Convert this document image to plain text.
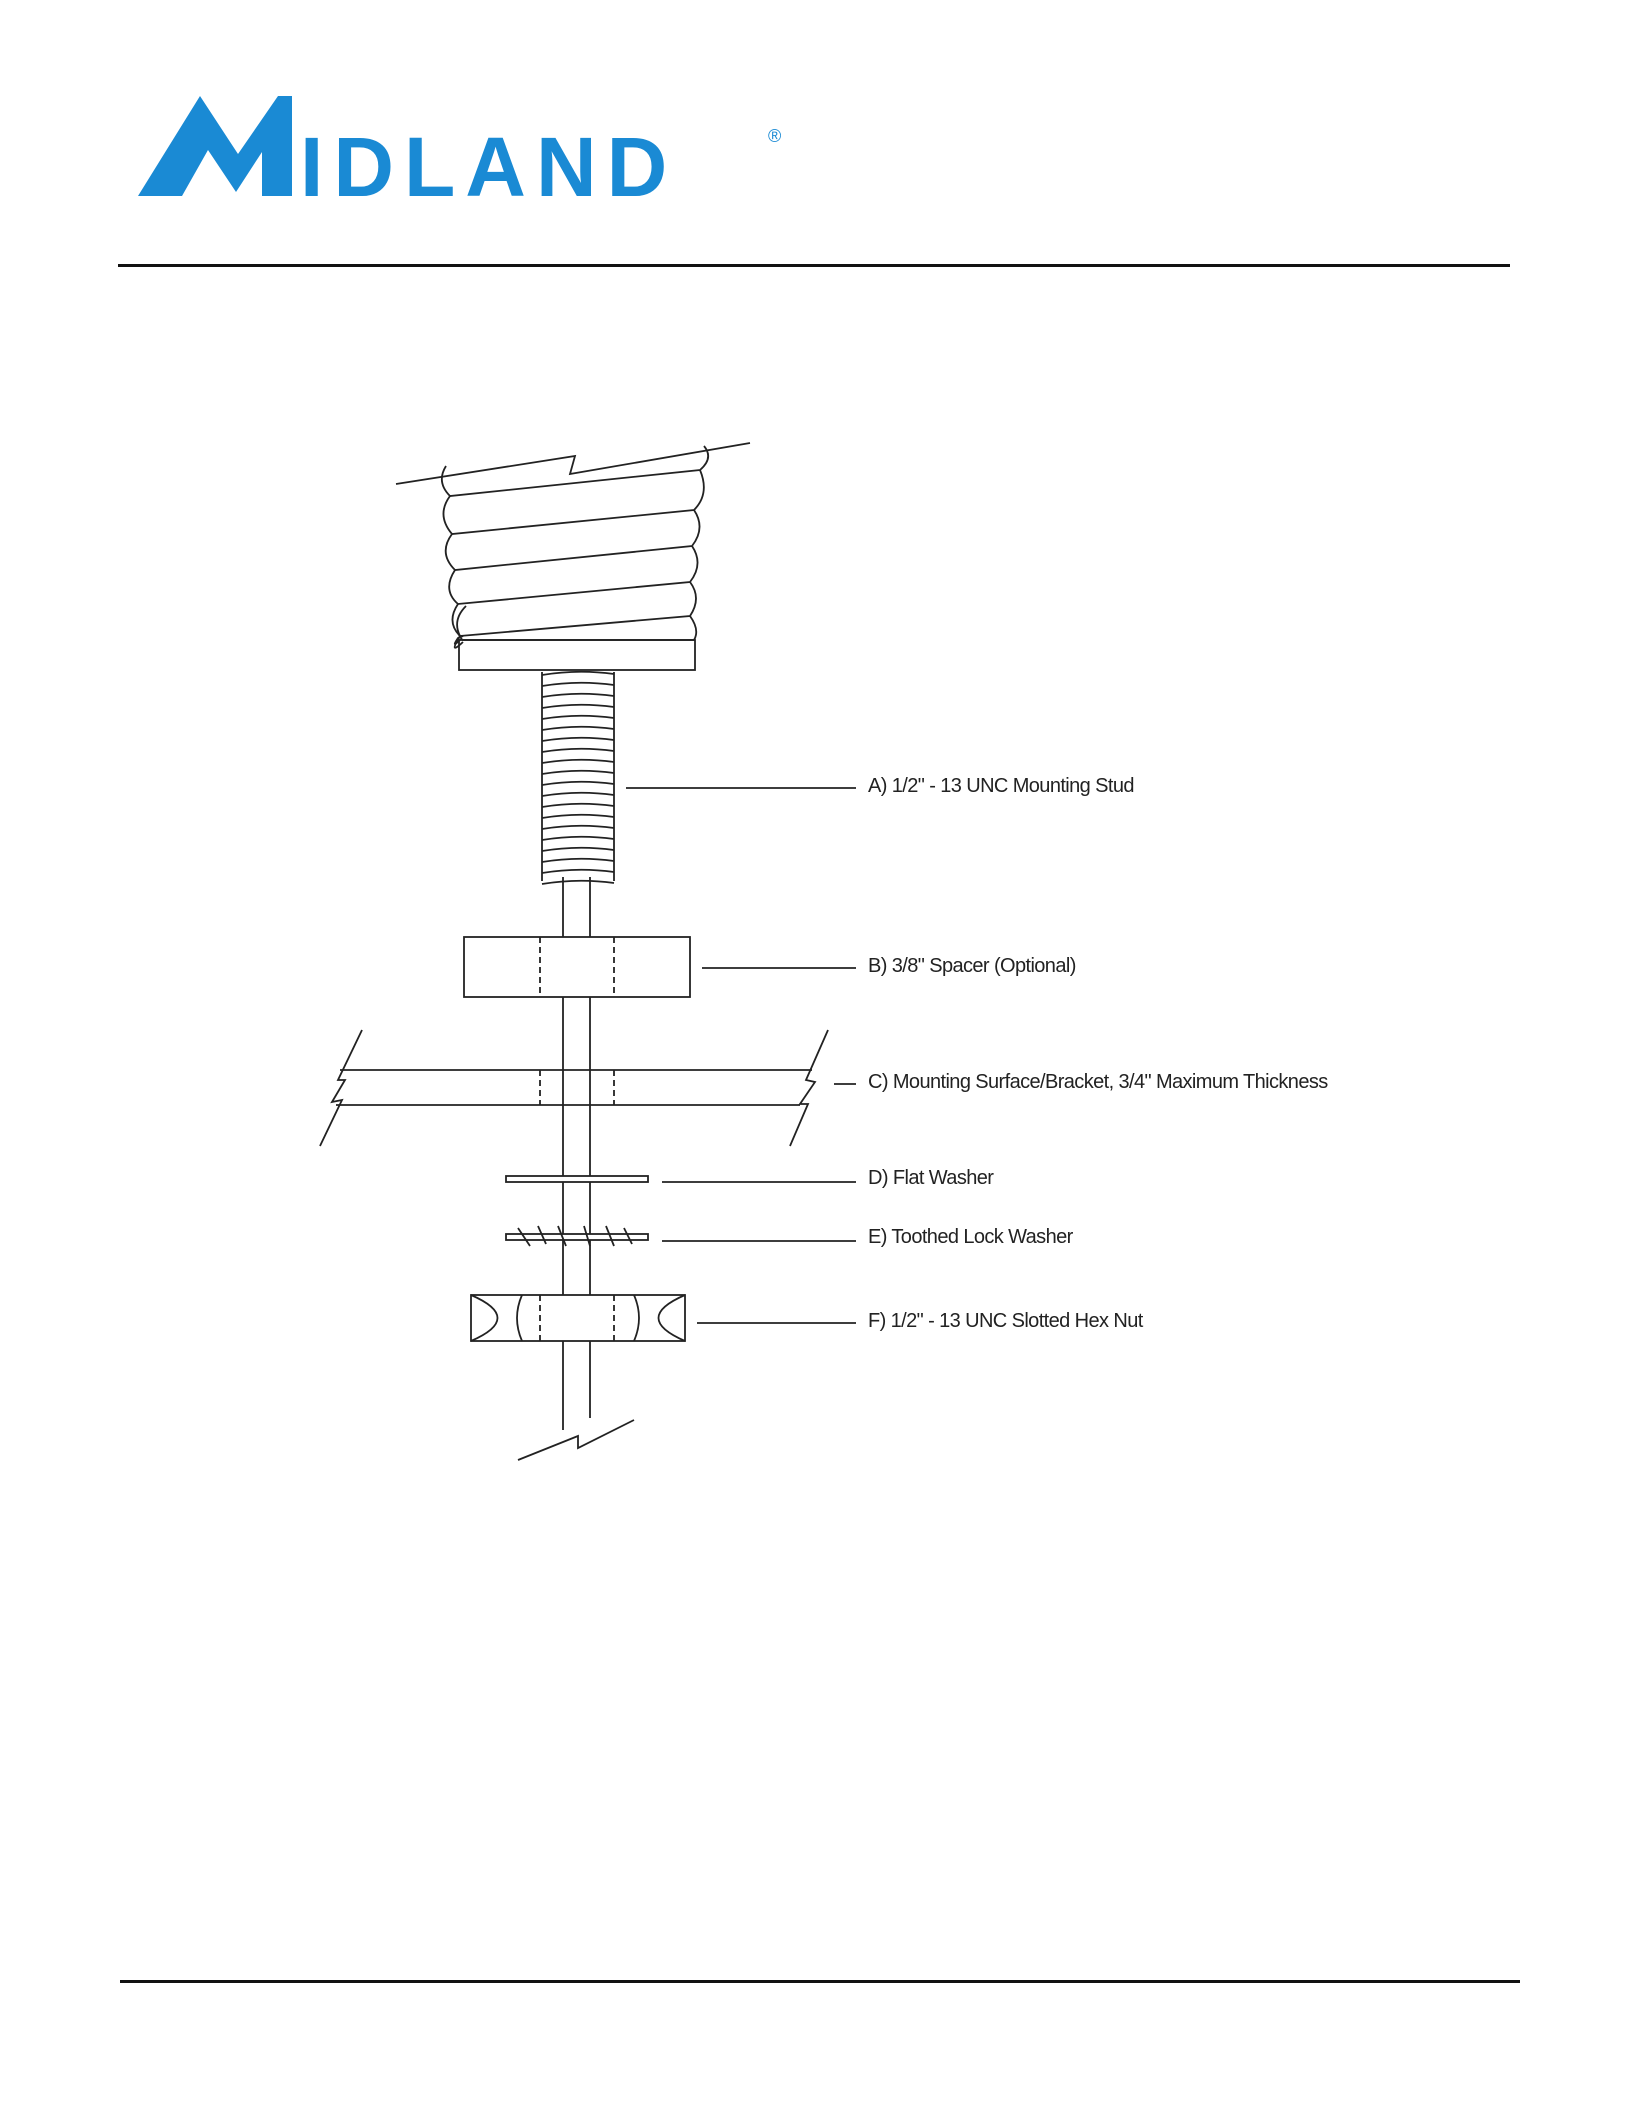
IDLAND	®
A) 1/2" - 13 UNC Mounting Stud
B) 3/8" Spacer (Optional)
C) Mounting Surface/Bracket, 3/4" Maximum Thickness
D) Flat Washer
E) Toothed Lock Washer
F) 1/2" - 13 UNC Slotted Hex Nut
